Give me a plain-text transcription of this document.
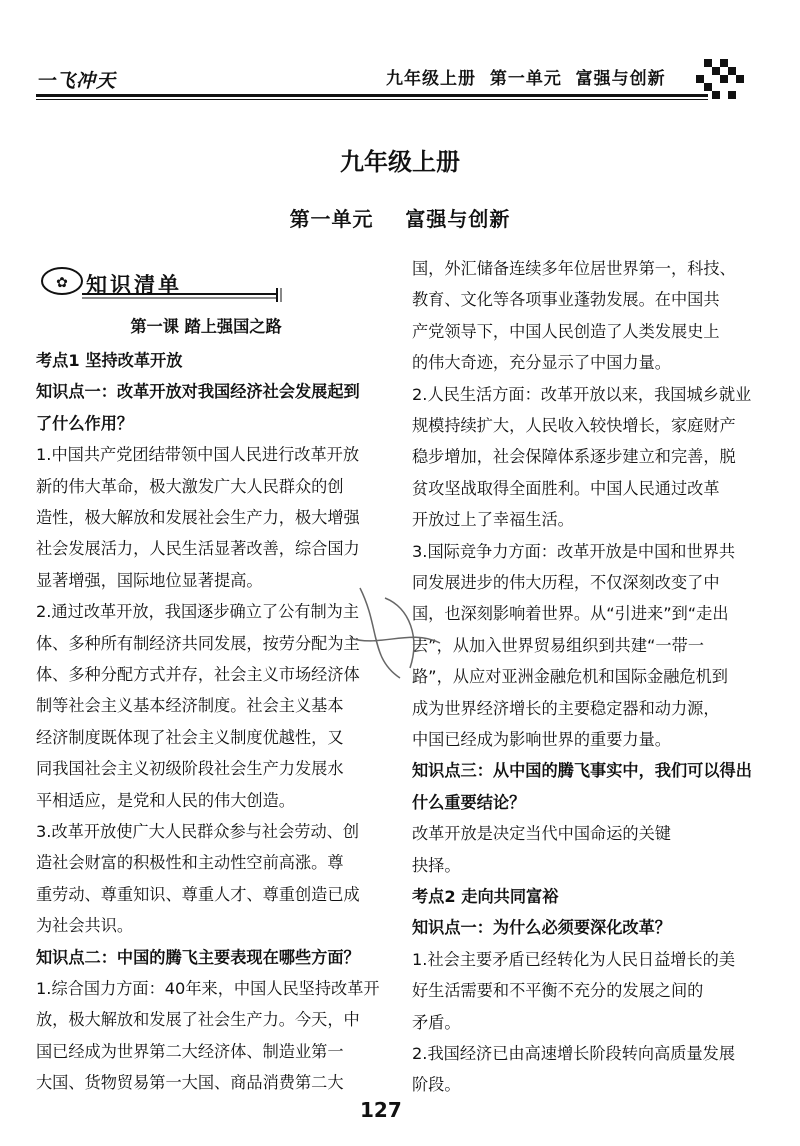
一飞冲天	九年级上册  第一单元  富强与创新
九年级上册
第一单元    富强与创新
✿ 知识清单
第一课 踏上强国之路
考点1 坚持改革开放
知识点一：改革开放对我国经济社会发展起到
了什么作用？
1.中国共产党团结带领中国人民进行改革开放
新的伟大革命，极大激发广大人民群众的创
造性，极大解放和发展社会生产力，极大增强
社会发展活力，人民生活显著改善，综合国力
显著增强，国际地位显著提高。
2.通过改革开放，我国逐步确立了公有制为主
体、多种所有制经济共同发展，按劳分配为主
体、多种分配方式并存，社会主义市场经济体
制等社会主义基本经济制度。社会主义基本
经济制度既体现了社会主义制度优越性，又
同我国社会主义初级阶段社会生产力发展水
平相适应，是党和人民的伟大创造。
3.改革开放使广大人民群众参与社会劳动、创
造社会财富的积极性和主动性空前高涨。尊
重劳动、尊重知识、尊重人才、尊重创造已成
为社会共识。
知识点二：中国的腾飞主要表现在哪些方面？
1.综合国力方面：40年来，中国人民坚持改革开
放，极大解放和发展了社会生产力。今天，中
国已经成为世界第二大经济体、制造业第一
大国、货物贸易第一大国、商品消费第二大
国，外汇储备连续多年位居世界第一，科技、
教育、文化等各项事业蓬勃发展。在中国共
产党领导下，中国人民创造了人类发展史上
的伟大奇迹，充分显示了中国力量。
2.人民生活方面：改革开放以来，我国城乡就业
规模持续扩大，人民收入较快增长，家庭财产
稳步增加，社会保障体系逐步建立和完善，脱
贫攻坚战取得全面胜利。中国人民通过改革
开放过上了幸福生活。
3.国际竞争力方面：改革开放是中国和世界共
同发展进步的伟大历程，不仅深刻改变了中
国，也深刻影响着世界。从“引进来”到“走出
去”，从加入世界贸易组织到共建“一带一
路”，从应对亚洲金融危机和国际金融危机到
成为世界经济增长的主要稳定器和动力源，
中国已经成为影响世界的重要力量。
知识点三：从中国的腾飞事实中，我们可以得出
什么重要结论？
改革开放是决定当代中国命运的关键
抉择。
考点2 走向共同富裕
知识点一：为什么必须要深化改革？
1.社会主要矛盾已经转化为人民日益增长的美
好生活需要和不平衡不充分的发展之间的
矛盾。
2.我国经济已由高速增长阶段转向高质量发展
阶段。
127
